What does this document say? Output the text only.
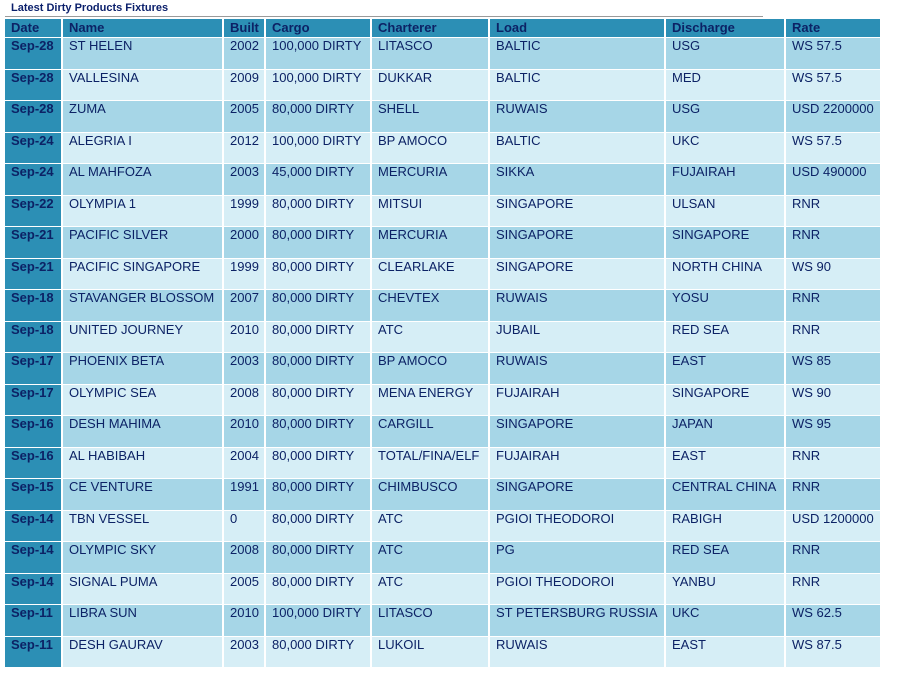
Latest Dirty Products Fixtures
Date	Name	Built	Cargo	Charterer	Load	Discharge	Rate
Sep-28	ST HELEN	2002	100,000 DIRTY	LITASCO	BALTIC	USG	WS 57.5
Sep-28	VALLESINA	2009	100,000 DIRTY	DUKKAR	BALTIC	MED	WS 57.5
Sep-28	ZUMA	2005	80,000 DIRTY	SHELL	RUWAIS	USG	USD 2200000
Sep-24	ALEGRIA I	2012	100,000 DIRTY	BP AMOCO	BALTIC	UKC	WS 57.5
Sep-24	AL MAHFOZA	2003	45,000 DIRTY	MERCURIA	SIKKA	FUJAIRAH	USD 490000
Sep-22	OLYMPIA 1	1999	80,000 DIRTY	MITSUI	SINGAPORE	ULSAN	RNR
Sep-21	PACIFIC SILVER	2000	80,000 DIRTY	MERCURIA	SINGAPORE	SINGAPORE	RNR
Sep-21	PACIFIC SINGAPORE	1999	80,000 DIRTY	CLEARLAKE	SINGAPORE	NORTH CHINA	WS 90
Sep-18	STAVANGER BLOSSOM	2007	80,000 DIRTY	CHEVTEX	RUWAIS	YOSU	RNR
Sep-18	UNITED JOURNEY	2010	80,000 DIRTY	ATC	JUBAIL	RED SEA	RNR
Sep-17	PHOENIX BETA	2003	80,000 DIRTY	BP AMOCO	RUWAIS	EAST	WS 85
Sep-17	OLYMPIC SEA	2008	80,000 DIRTY	MENA ENERGY	FUJAIRAH	SINGAPORE	WS 90
Sep-16	DESH MAHIMA	2010	80,000 DIRTY	CARGILL	SINGAPORE	JAPAN	WS 95
Sep-16	AL HABIBAH	2004	80,000 DIRTY	TOTAL/FINA/ELF	FUJAIRAH	EAST	RNR
Sep-15	CE VENTURE	1991	80,000 DIRTY	CHIMBUSCO	SINGAPORE	CENTRAL CHINA	RNR
Sep-14	TBN VESSEL	0	80,000 DIRTY	ATC	PGIOI THEODOROI	RABIGH	USD 1200000
Sep-14	OLYMPIC SKY	2008	80,000 DIRTY	ATC	PG	RED SEA	RNR
Sep-14	SIGNAL PUMA	2005	80,000 DIRTY	ATC	PGIOI THEODOROI	YANBU	RNR
Sep-11	LIBRA SUN	2010	100,000 DIRTY	LITASCO	ST PETERSBURG RUSSIA	UKC	WS 62.5
Sep-11	DESH GAURAV	2003	80,000 DIRTY	LUKOIL	RUWAIS	EAST	WS 87.5
